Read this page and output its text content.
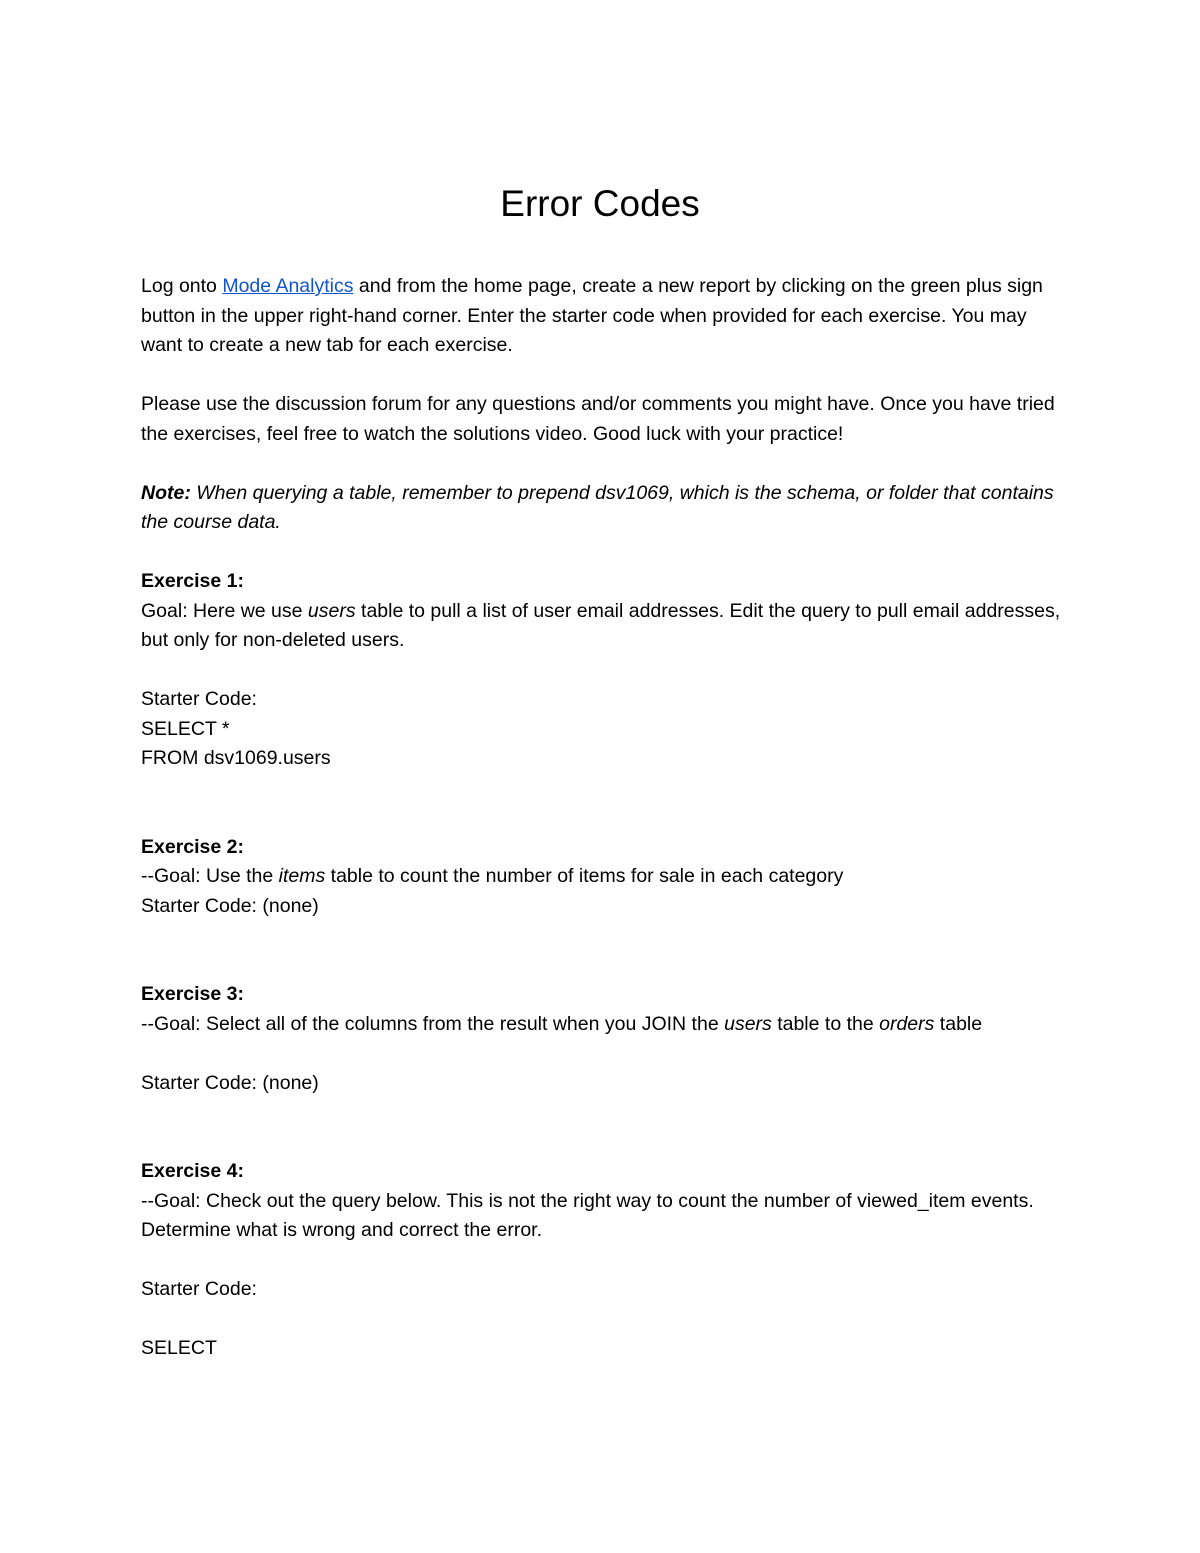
Error Codes

Log onto Mode Analytics and from the home page, create a new report by clicking on the green plus sign button in the upper right-hand corner. Enter the starter code when provided for each exercise. You may want to create a new tab for each exercise.

Please use the discussion forum for any questions and/or comments you might have. Once you have tried the exercises, feel free to watch the solutions video. Good luck with your practice!

Note: When querying a table, remember to prepend dsv1069, which is the schema, or folder that contains the course data.

Exercise 1:

Goal: Here we use users table to pull a list of user email addresses. Edit the query to pull email addresses, but only for non-deleted users.

Starter Code:

SELECT *

FROM dsv1069.users

Exercise 2:

--Goal: Use the items table to count the number of items for sale in each category

Starter Code: (none)

Exercise 3:

--Goal: Select all of the columns from the result when you JOIN the users table to the orders table

Starter Code: (none)

Exercise 4:

--Goal: Check out the query below. This is not the right way to count the number of viewed_item events. Determine what is wrong and correct the error.

Starter Code:

SELECT
